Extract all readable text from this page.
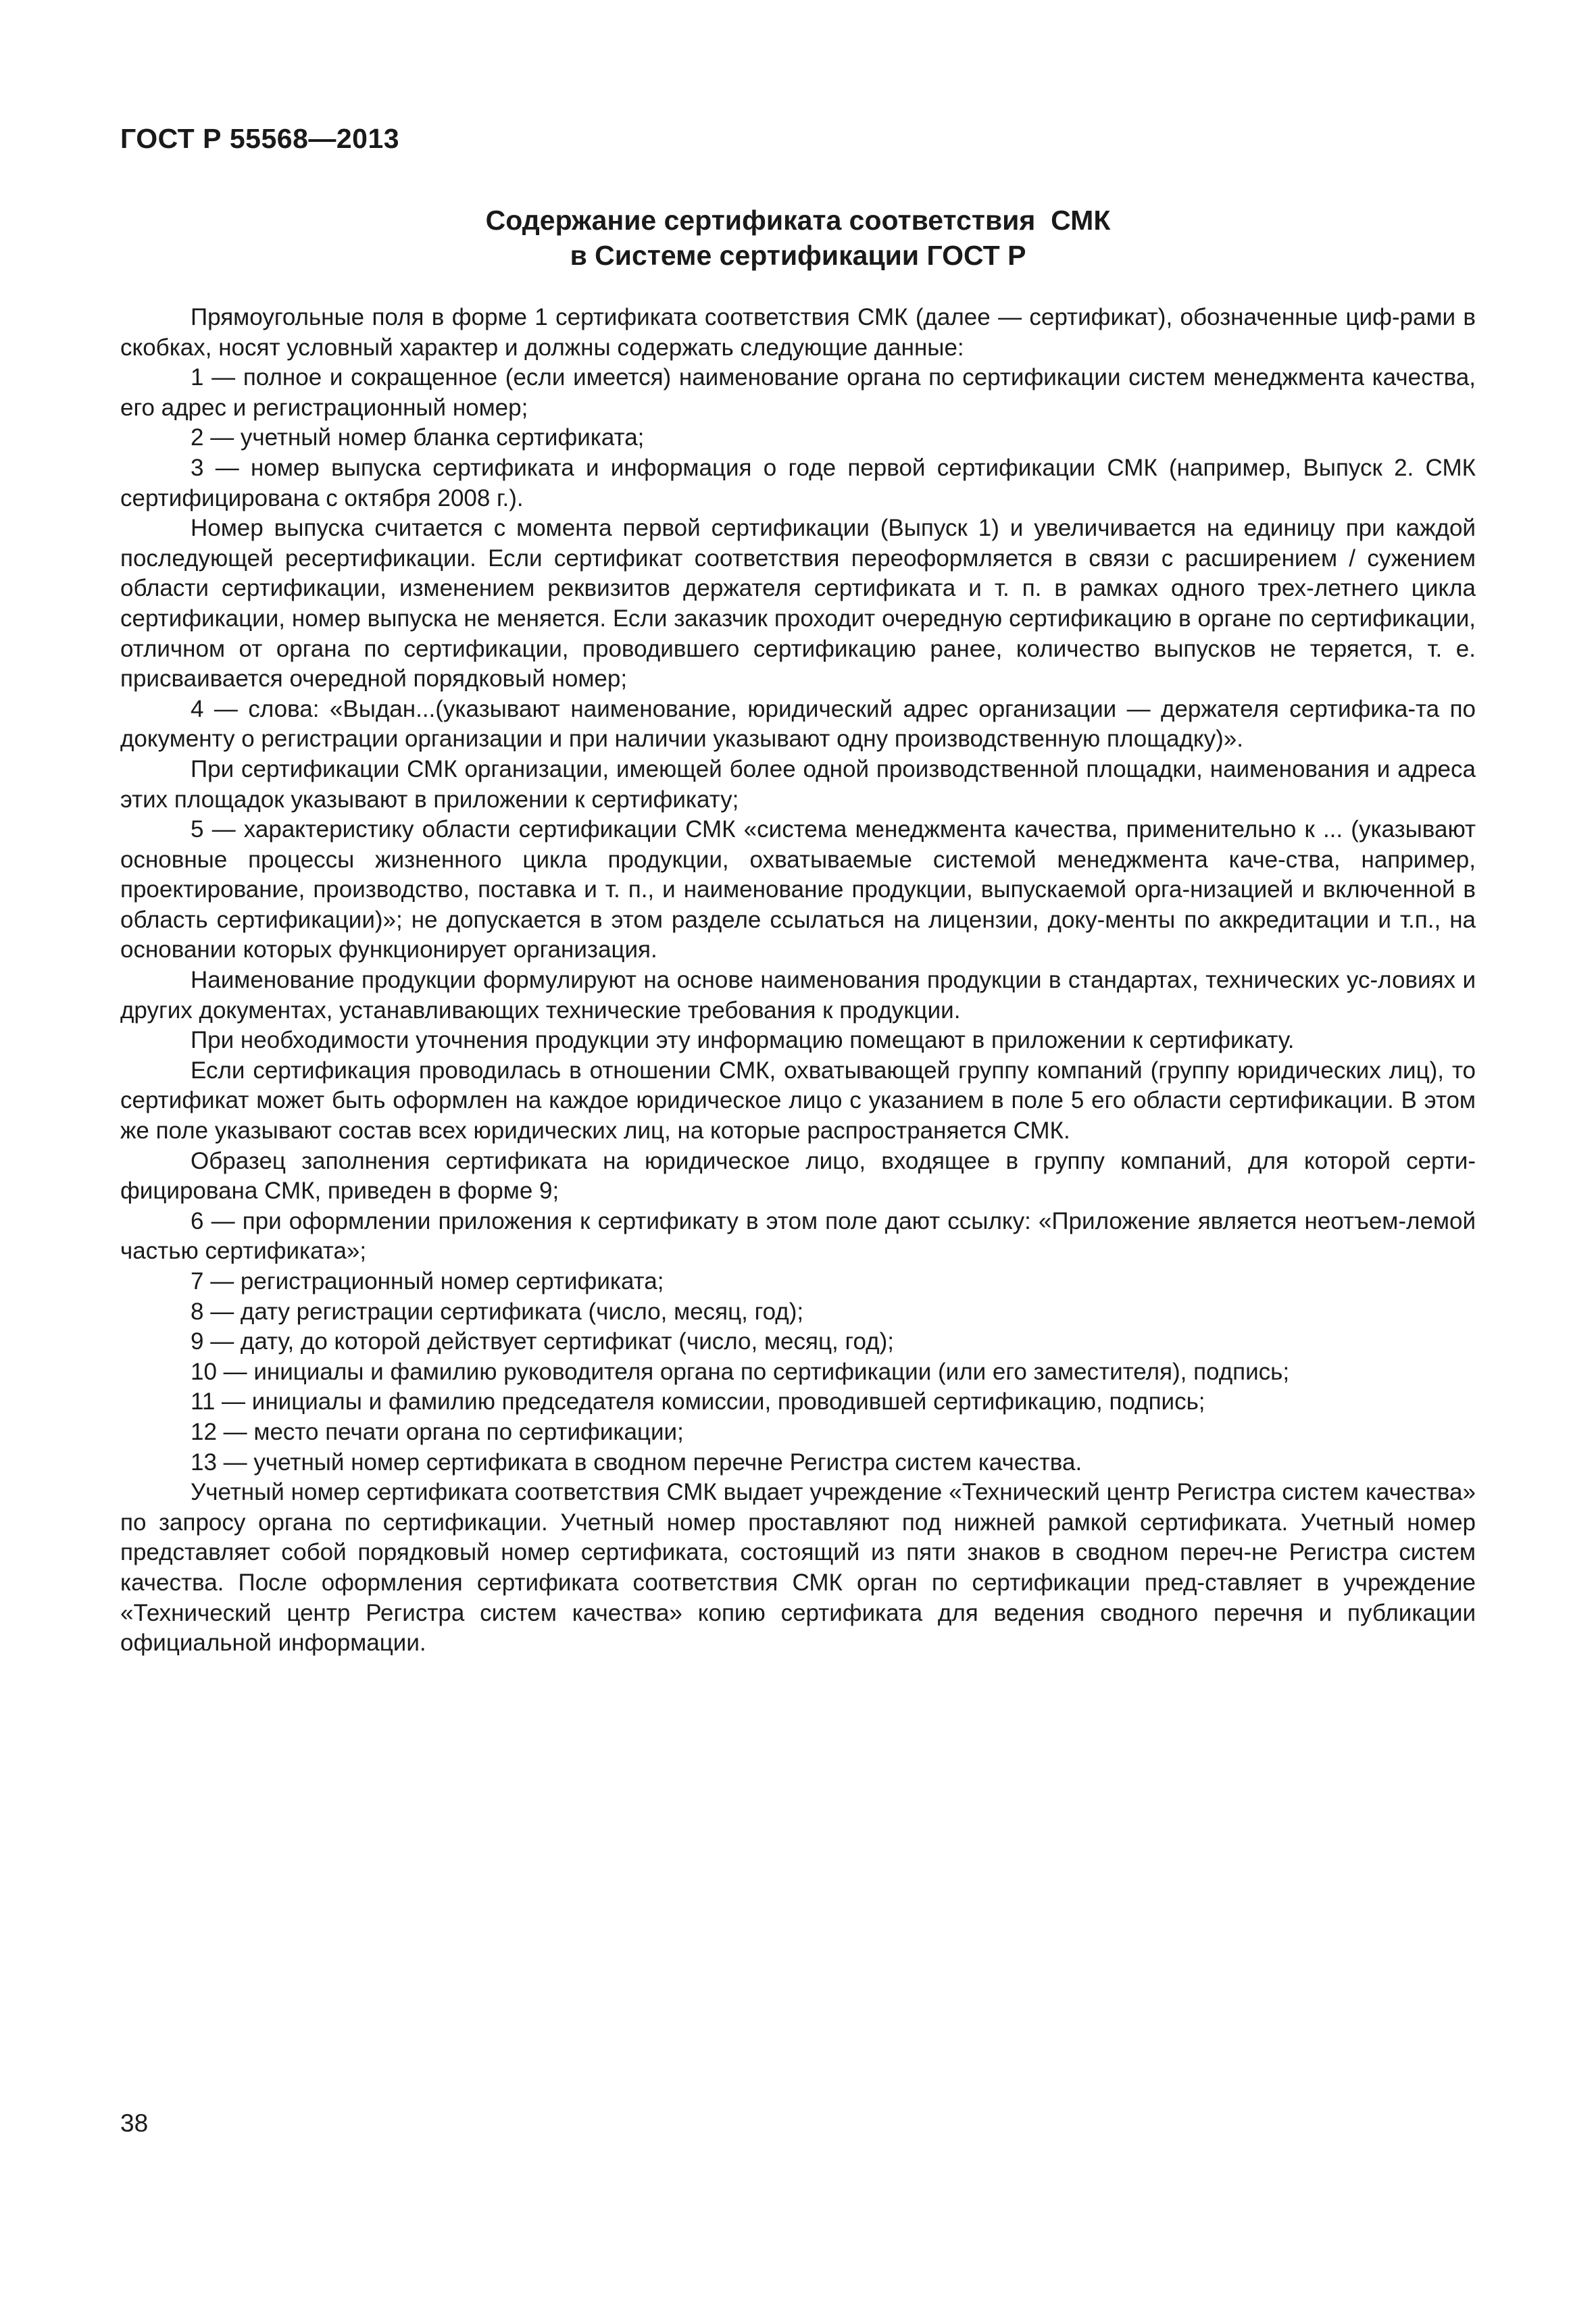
ГОСТ Р 55568—2013
Содержание сертификата соответствия  СМК
в Системе сертификации ГОСТ Р

Прямоугольные поля в форме 1 сертификата соответствия СМК (далее — сертификат), обозначенные циф-рами в скобках, носят условный характер и должны содержать следующие данные:

1 — полное и сокращенное (если имеется) наименование органа по сертификации систем менеджмента качества, его адрес и регистрационный номер;

2 — учетный номер бланка сертификата;

3 — номер выпуска сертификата и информация о годе первой сертификации СМК (например, Выпуск 2. СМК сертифицирована с октября 2008 г.).

Номер выпуска считается с момента первой сертификации (Выпуск 1) и увеличивается на единицу при каждой последующей ресертификации. Если сертификат соответствия переоформляется в связи с расширением / сужением области сертификации, изменением реквизитов держателя сертификата и т. п. в рамках одного трех-летнего цикла сертификации, номер выпуска не меняется. Если заказчик проходит очередную сертификацию в органе по сертификации, отличном от органа по сертификации, проводившего сертификацию ранее, количество выпусков не теряется, т. е. присваивается очередной порядковый номер;

4 — слова: «Выдан...(указывают наименование, юридический адрес организации — держателя сертифика-та по документу о регистрации организации и при наличии указывают одну производственную площадку)».

При сертификации СМК организации, имеющей более одной производственной площадки, наименования и адреса этих площадок указывают в приложении к сертификату;

5 — характеристику области сертификации СМК «система менеджмента качества, применительно к ... (указывают основные процессы жизненного цикла продукции, охватываемые системой менеджмента каче-ства, например, проектирование, производство, поставка и т. п., и наименование продукции, выпускаемой орга-низацией и включенной в область сертификации)»; не допускается в этом разделе ссылаться на лицензии, доку-менты по аккредитации и т.п., на основании которых функционирует организация.

Наименование продукции формулируют на основе наименования продукции в стандартах, технических ус-ловиях и других документах, устанавливающих технические требования к продукции.

При необходимости уточнения продукции эту информацию помещают в приложении к сертификату.

Если сертификация проводилась в отношении СМК, охватывающей группу компаний (группу юридических лиц), то сертификат может быть оформлен на каждое юридическое лицо с указанием в поле 5 его области сертификации. В этом же поле указывают состав всех юридических лиц, на которые распространяется СМК.

Образец заполнения сертификата на юридическое лицо, входящее в группу компаний, для которой серти-фицирована СМК, приведен в форме 9;

6 — при оформлении приложения к сертификату в этом поле дают ссылку: «Приложение является неотъем-лемой частью сертификата»;

7 — регистрационный номер сертификата;

8 — дату регистрации сертификата (число, месяц, год);

9 — дату, до которой действует сертификат (число, месяц, год);

10 — инициалы и фамилию руководителя органа по сертификации (или его заместителя), подпись;

11 — инициалы и фамилию председателя комиссии, проводившей сертификацию, подпись;

12 — место печати органа по сертификации;

13 — учетный номер сертификата в сводном перечне Регистра систем качества.

Учетный номер сертификата соответствия СМК выдает учреждение «Технический центр Регистра систем качества» по запросу органа по сертификации. Учетный номер проставляют под нижней рамкой сертификата. Учетный номер представляет собой порядковый номер сертификата, состоящий из пяти знаков в сводном переч-не Регистра систем качества. После оформления сертификата соответствия СМК орган по сертификации пред-ставляет в учреждение «Технический центр Регистра систем качества» копию сертификата для ведения сводного перечня и публикации официальной информации.

38
